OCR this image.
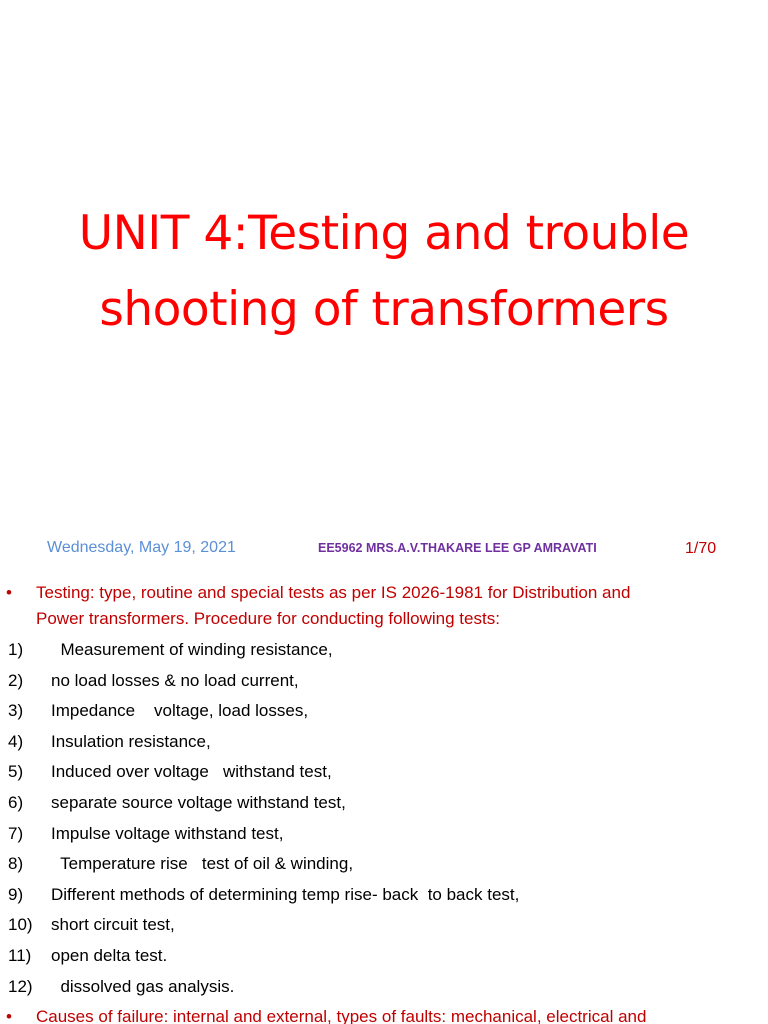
UNIT 4:Testing and trouble
shooting of transformers
Wednesday, May 19, 2021	EE5962 MRS.A.V.THAKARE LEE GP AMRAVATI	1/70
• Testing: type, routine and special tests as per IS 2026-1981 for Distribution and
Power transformers. Procedure for conducting following tests:
1) Measurement of winding resistance,
2) no load losses & no load current,
3) Impedance    voltage, load losses,
4) Insulation resistance,
5) Induced over voltage   withstand test,
6) separate source voltage withstand test,
7) Impulse voltage withstand test,
8) Temperature rise   test of oil & winding,
9) Different methods of determining temp rise- back  to back test,
10) short circuit test,
11) open delta test.
12) dissolved gas analysis.
• Causes of failure: internal and external, types of faults: mechanical, electrical and
